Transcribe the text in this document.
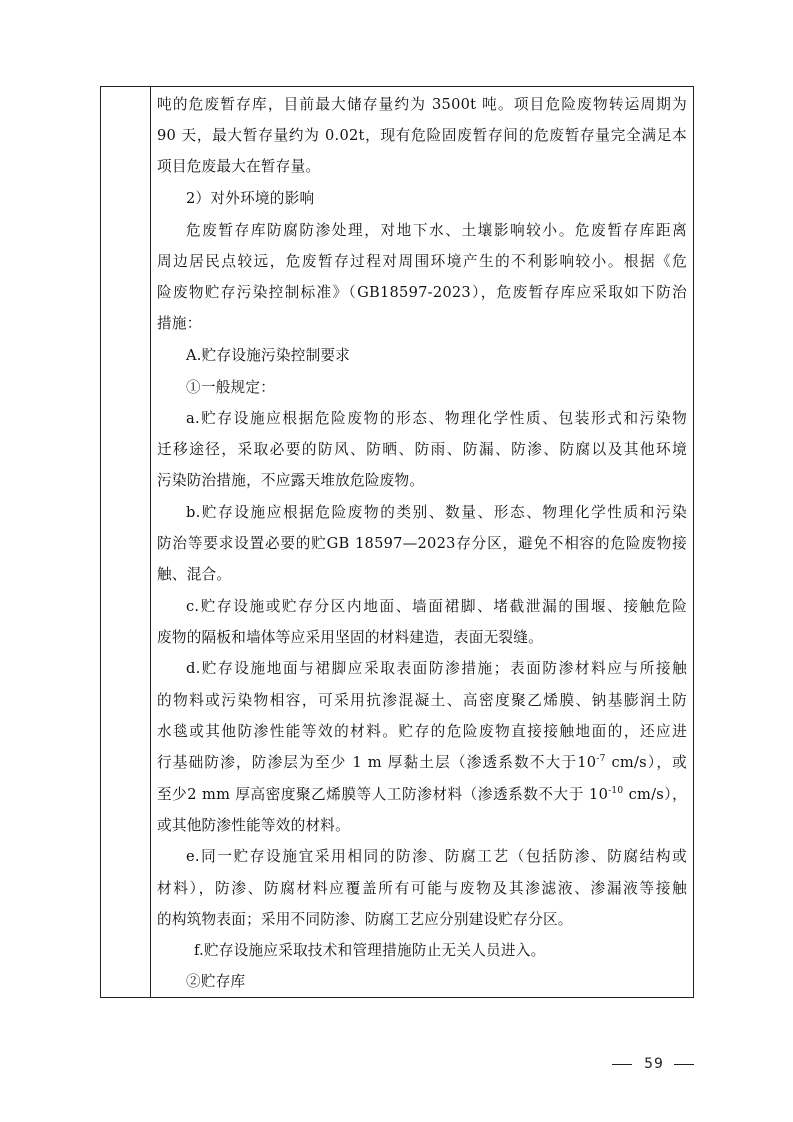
吨的危废暂存库，目前最大储存量约为 3500t 吨。项目危险废物转运周期为
90 天，最大暂存量约为 0.02t，现有危险固废暂存间的危废暂存量完全满足本
项目危废最大在暂存量。
2）对外环境的影响
危废暂存库防腐防渗处理，对地下水、土壤影响较小。危废暂存库距离
周边居民点较远，危废暂存过程对周围环境产生的不利影响较小。根据《危
险废物贮存污染控制标准》（GB18597-2023），危废暂存库应采取如下防治
措施：
A.贮存设施污染控制要求
①一般规定：
a.贮存设施应根据危险废物的形态、物理化学性质、包装形式和污染物
迁移途径，采取必要的防风、防晒、防雨、防漏、防渗、防腐以及其他环境
污染防治措施，不应露天堆放危险废物。
b.贮存设施应根据危险废物的类别、数量、形态、物理化学性质和污染
防治等要求设置必要的贮GB 18597—2023存分区，避免不相容的危险废物接
触、混合。
c.贮存设施或贮存分区内地面、墙面裙脚、堵截泄漏的围堰、接触危险
废物的隔板和墙体等应采用坚固的材料建造，表面无裂缝。
d.贮存设施地面与裙脚应采取表面防渗措施；表面防渗材料应与所接触
的物料或污染物相容，可采用抗渗混凝土、高密度聚乙烯膜、钠基膨润土防
水毯或其他防渗性能等效的材料。贮存的危险废物直接接触地面的，还应进
行基础防渗，防渗层为至少 1 m 厚黏土层（渗透系数不大于$10^{-7}$ cm/s），或
至少2 mm 厚高密度聚乙烯膜等人工防渗材料（渗透系数不大于 $10^{-10}$ cm/s），
或其他防渗性能等效的材料。
e.同一贮存设施宜采用相同的防渗、防腐工艺（包括防渗、防腐结构或
材料），防渗、防腐材料应覆盖所有可能与废物及其渗滤液、渗漏液等接触
的构筑物表面；采用不同防渗、防腐工艺应分别建设贮存分区。
f.贮存设施应采取技术和管理措施防止无关人员进入。
②贮存库
59
